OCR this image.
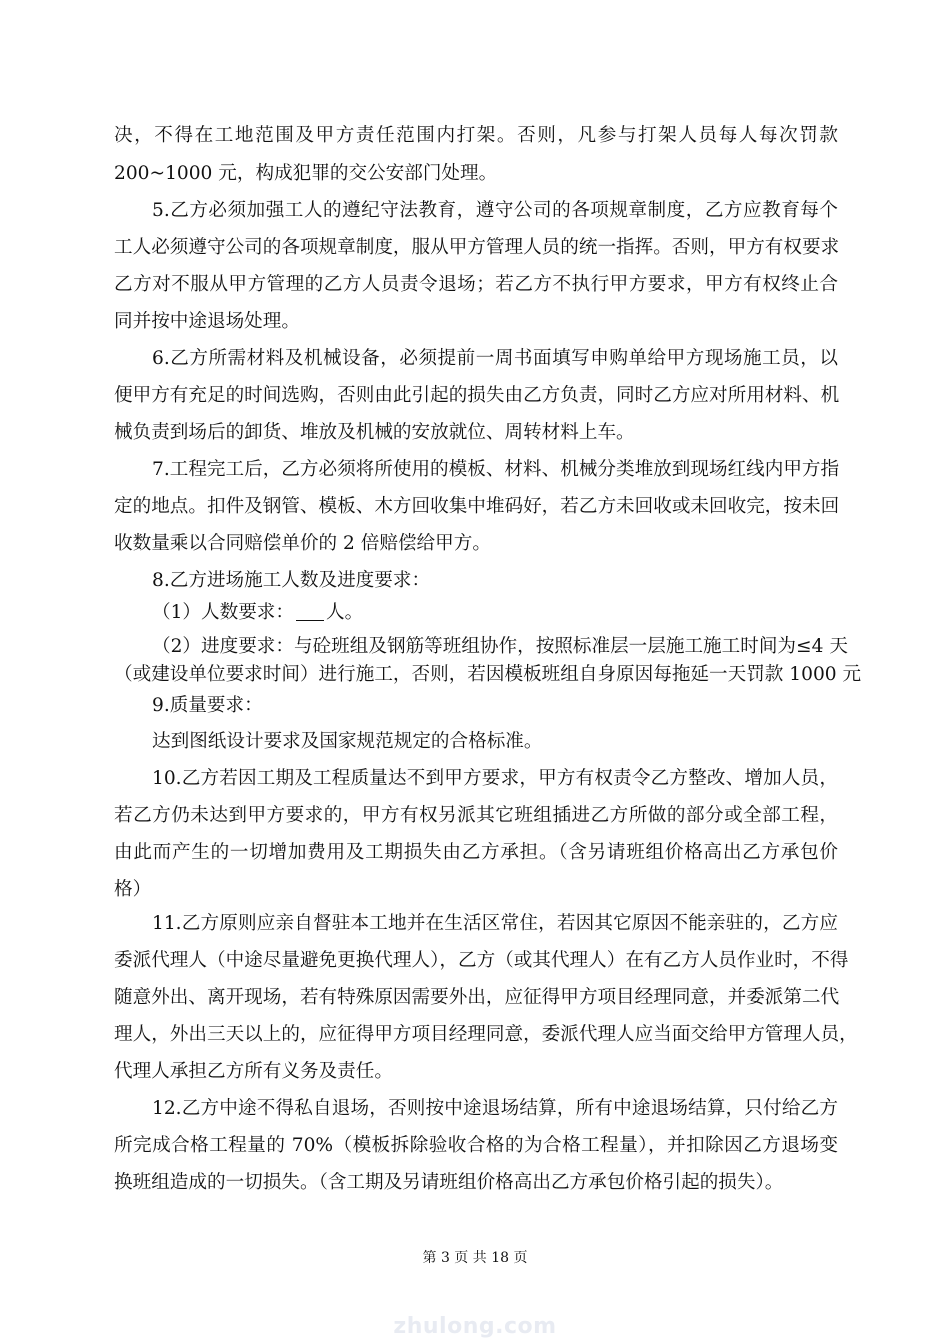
决，不得在工地范围及甲方责任范围内打架。否则，凡参与打架人员每人每次罚款
200~1000 元，构成犯罪的交公安部门处理。
5.乙方必须加强工人的遵纪守法教育，遵守公司的各项规章制度，乙方应教育每个
工人必须遵守公司的各项规章制度，服从甲方管理人员的统一指挥。否则，甲方有权要求
乙方对不服从甲方管理的乙方人员责令退场；若乙方不执行甲方要求，甲方有权终止合
同并按中途退场处理。
6.乙方所需材料及机械设备，必须提前一周书面填写申购单给甲方现场施工员，以
便甲方有充足的时间选购，否则由此引起的损失由乙方负责，同时乙方应对所用材料、机
械负责到场后的卸货、堆放及机械的安放就位、周转材料上车。
7.工程完工后，乙方必须将所使用的模板、材料、机械分类堆放到现场红线内甲方指
定的地点。扣件及钢管、模板、木方回收集中堆码好，若乙方未回收或未回收完，按未回
收数量乘以合同赔偿单价的 2 倍赔偿给甲方。
8.乙方进场施工人数及进度要求：
（1）人数要求： 人。
（2）进度要求：与砼班组及钢筋等班组协作，按照标准层一层施工施工时间为≤4 天
（或建设单位要求时间）进行施工，否则，若因模板班组自身原因每拖延一天罚款 1000 元
9.质量要求：
达到图纸设计要求及国家规范规定的合格标准。
10.乙方若因工期及工程质量达不到甲方要求，甲方有权责令乙方整改、增加人员，
若乙方仍未达到甲方要求的，甲方有权另派其它班组插进乙方所做的部分或全部工程，
由此而产生的一切增加费用及工期损失由乙方承担。（含另请班组价格高出乙方承包价
格）
11.乙方原则应亲自督驻本工地并在生活区常住，若因其它原因不能亲驻的，乙方应
委派代理人（中途尽量避免更换代理人），乙方（或其代理人）在有乙方人员作业时，不得
随意外出、离开现场，若有特殊原因需要外出，应征得甲方项目经理同意，并委派第二代
理人，外出三天以上的，应征得甲方项目经理同意，委派代理人应当面交给甲方管理人员，
代理人承担乙方所有义务及责任。
12.乙方中途不得私自退场，否则按中途退场结算，所有中途退场结算，只付给乙方
所完成合格工程量的 70%（模板拆除验收合格的为合格工程量），并扣除因乙方退场变
换班组造成的一切损失。（含工期及另请班组价格高出乙方承包价格引起的损失）。
第 3 页 共 18 页
zhulong.com
